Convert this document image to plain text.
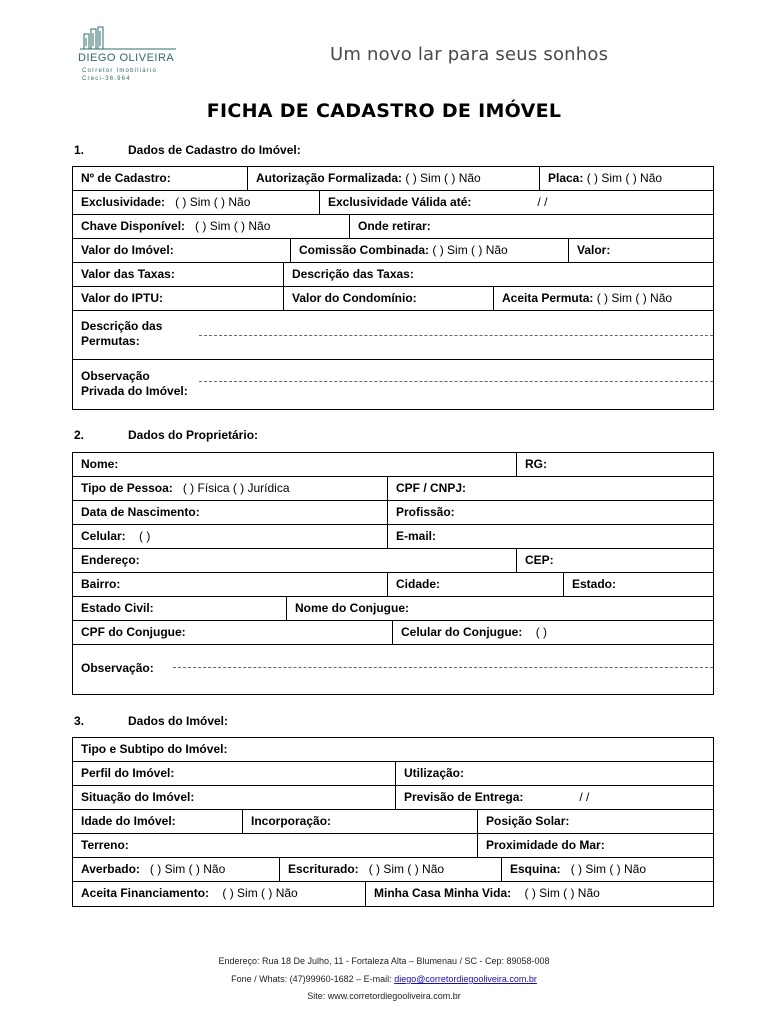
DIEGO OLIVEIRA
Corretor Imobiliário
Creci-36.964
Um novo lar para seus sonhos
FICHA DE CADASTRO DE IMÓVEL
1.	Dados de Cadastro do Imóvel:
Nº de Cadastro:	Autorização Formalizada: ( ) Sim ( ) Não	Placa: ( ) Sim ( ) Não
Exclusividade: ( ) Sim ( ) Não	Exclusividade Válida até:	/ /
Chave Disponível: ( ) Sim ( ) Não	Onde retirar:
Valor do Imóvel:	Comissão Combinada: ( ) Sim ( ) Não	Valor:
Valor das Taxas:	Descrição das Taxas:
Valor do IPTU:	Valor do Condomínio:	Aceita Permuta: ( ) Sim ( ) Não
Descrição das
Permutas:
Observação
Privada do Imóvel:
2.	Dados do Proprietário:
Nome:	RG:
Tipo de Pessoa: ( ) Física ( ) Jurídica	CPF / CNPJ:
Data de Nascimento:	Profissão:
Celular: ( )	E-mail:
Endereço:	CEP:
Bairro:	Cidade:	Estado:
Estado Civil:	Nome do Conjugue:
CPF do Conjugue:	Celular do Conjugue: ( )
Observação:
3.	Dados do Imóvel:
Tipo e Subtipo do Imóvel:
Perfil do Imóvel:	Utilização:
Situação do Imóvel:	Previsão de Entrega:	/ /
Idade do Imóvel:	Incorporação:	Posição Solar:
Terreno:	Proximidade do Mar:
Averbado: ( ) Sim ( ) Não	Escriturado: ( ) Sim ( ) Não	Esquina: ( ) Sim ( ) Não
Aceita Financiamento: ( ) Sim ( ) Não	Minha Casa Minha Vida: ( ) Sim ( ) Não
Endereço: Rua 18 De Julho, 11 - Fortaleza Alta – Blumenau / SC - Cep: 89058-008
Fone / Whats: (47)99960-1682 – E-mail: diego@corretordiegooliveira.com.br
Site: www.corretordiegooliveira.com.br
